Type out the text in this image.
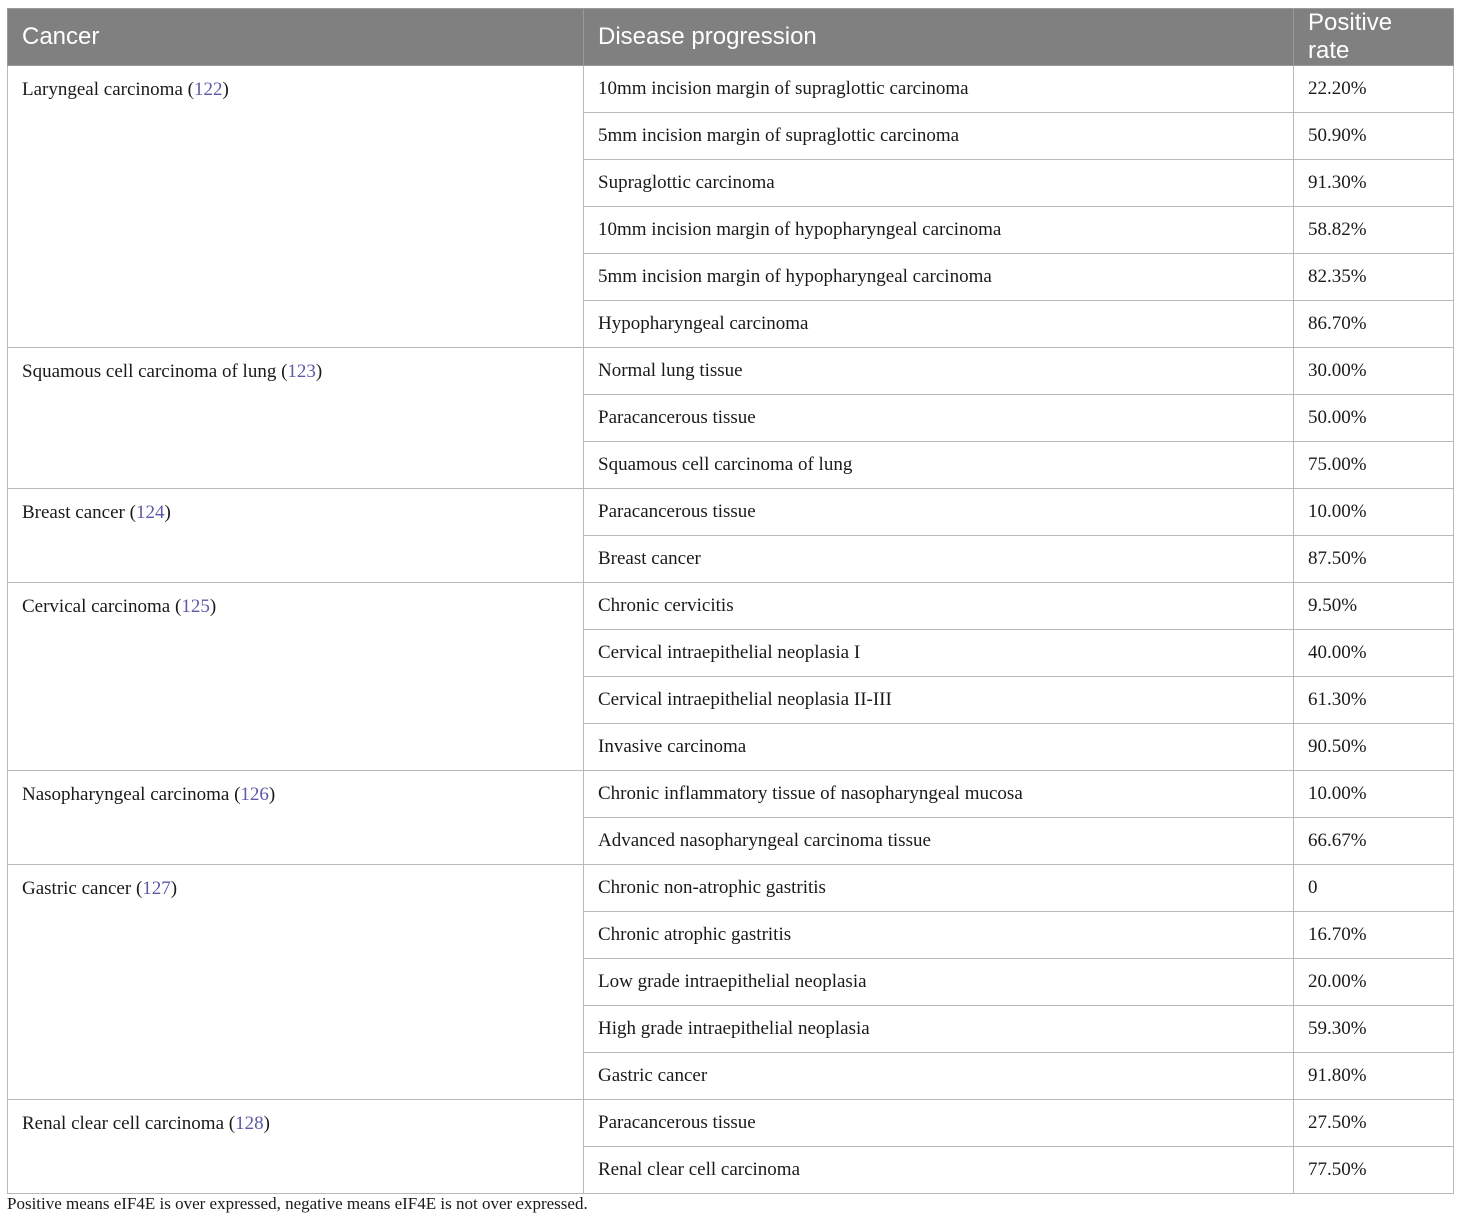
Cancer	Disease progression	Positive rate
Laryngeal carcinoma (122)	10mm incision margin of supraglottic carcinoma	22.20%
	5mm incision margin of supraglottic carcinoma	50.90%
	Supraglottic carcinoma	91.30%
	10mm incision margin of hypopharyngeal carcinoma	58.82%
	5mm incision margin of hypopharyngeal carcinoma	82.35%
	Hypopharyngeal carcinoma	86.70%
Squamous cell carcinoma of lung (123)	Normal lung tissue	30.00%
	Paracancerous tissue	50.00%
	Squamous cell carcinoma of lung	75.00%
Breast cancer (124)	Paracancerous tissue	10.00%
	Breast cancer	87.50%
Cervical carcinoma (125)	Chronic cervicitis	9.50%
	Cervical intraepithelial neoplasia I	40.00%
	Cervical intraepithelial neoplasia II-III	61.30%
	Invasive carcinoma	90.50%
Nasopharyngeal carcinoma (126)	Chronic inflammatory tissue of nasopharyngeal mucosa	10.00%
	Advanced nasopharyngeal carcinoma tissue	66.67%
Gastric cancer (127)	Chronic non-atrophic gastritis	0
	Chronic atrophic gastritis	16.70%
	Low grade intraepithelial neoplasia	20.00%
	High grade intraepithelial neoplasia	59.30%
	Gastric cancer	91.80%
Renal clear cell carcinoma (128)	Paracancerous tissue	27.50%
	Renal clear cell carcinoma	77.50%
Positive means eIF4E is over expressed, negative means eIF4E is not over expressed.
